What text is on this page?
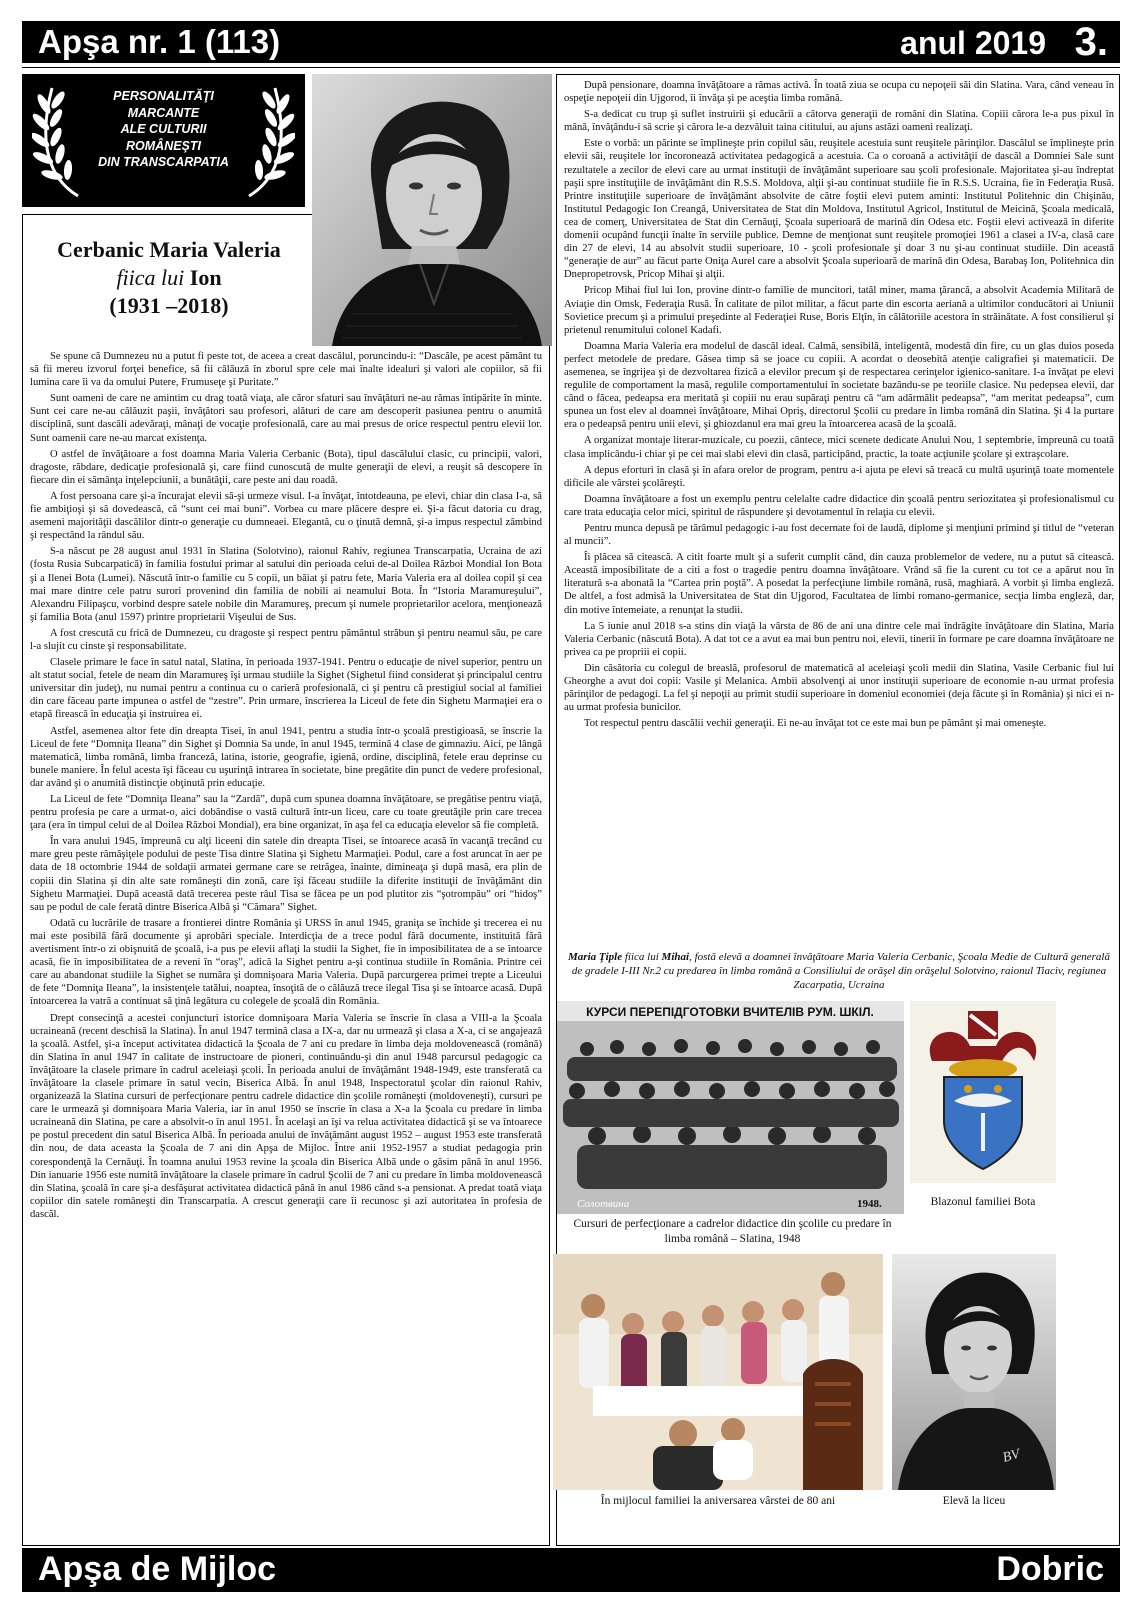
Apşa nr. 1 (113)	anul 2019 3.
PERSONALITĂŢI
MARCANTE
ALE CULTURII
ROMÂNEŞTI
DIN TRANSCARPATIA
Cerbanic Maria Valeria
fiica lui Ion
(1931 –2018)

Se spune că Dumnezeu nu a putut fi peste tot, de aceea a creat dascălul, poruncindu-i: “Dascăle, pe acest pământ tu să fii mereu izvorul forţei benefice, să fii călăuză în zborul spre cele mai înalte idealuri şi valori ale copiilor, să fii lumina care îi va da omului Putere, Frumuseţe şi Puritate.”

Sunt oameni de care ne amintim cu drag toată viaţa, ale căror sfaturi sau învăţături ne-au rămas întipărite în minte. Sunt cei care ne-au călăuzit paşii, învăţători sau profesori, alături de care am descoperit pasiunea pentru o anumită disciplină, sunt dascăli adevăraţi, mânaţi de vocaţie profesională, care au mai presus de orice respectul pentru elevii lor. Sunt oamenii care ne-au marcat existenţa.

O astfel de învăţătoare a fost doamna Maria Valeria Cerbanic (Bota), tipul dascălului clasic, cu principii, valori, dragoste, răbdare, dedicaţie profesională şi, care fiind cunoscută de multe generaţii de elevi, a reuşit să descopere în fiecare din ei sămânţa inţelepciunii, a bunătăţii, care peste ani dau roadă.

A fost persoana care şi-a încurajat elevii să-şi urmeze visul. I-a învăţat, întotdeauna, pe elevi, chiar din clasa I-a, să fie ambiţioşi şi să dovedească, că “sunt cei mai buni”. Vorbea cu mare plăcere despre ei. Şi-a făcut datoria cu drag, asemeni majorităţii dascălilor dintr-o generaţie cu dumneaei. Elegantă, cu o ţinută demnă, şi-a impus respectul zâmbind şi respectând la rândul său.

S-a născut pe 28 august anul 1931 în Slatina (Solotvino), raionul Rahiv, regiunea Transcarpatia, Ucraina de azi (fosta Rusia Subcarpatică) în familia fostului primar al satului din perioada celui de-al Doilea Război Mondial Ion Bota şi a Ilenei Bota (Lumei). Născută într-o familie cu 5 copii, un băiat şi patru fete, Maria Valeria era al doilea copil şi cea mai mare dintre cele patru surori provenind din familia de nobili ai neamului Bota. În “Istoria Maramureşului”, Alexandru Filipaşcu, vorbind despre satele nobile din Maramureş, precum şi numele proprietarilor acelora, menţionează şi familia Bota (anul 1597) printre proprietarii Vişeului de Sus.

A fost crescută cu frică de Dumnezeu, cu dragoste şi respect pentru pământul străbun şi pentru neamul său, pe care l-a slujit cu cinste şi responsabilitate.

Clasele primare le face în satul natal, Slatina, în perioada 1937-1941. Pentru o educaţie de nivel superior, pentru un alt statut social, fetele de neam din Maramureş îşi urmau studiile la Sighet (Sighetul fiind considerat şi principalul centru universitar din judeţ), nu numai pentru a continua cu o carieră profesională, ci şi pentru că prestigiul social al familiei din care făceau parte impunea o astfel de “zestre”. Prin urmare, înscrierea la Liceul de fete din Sighetu Marmaţiei era o etapă firească în educaţia şi instruirea ei.

Astfel, asemenea altor fete din dreapta Tisei, în anul 1941, pentru a studia într-o şcoală prestigioasă, se înscrie la Liceul de fete “Domniţa Ileana” din Sighet şi Domnia Sa unde, în anul 1945, termină 4 clase de gimnaziu. Aici, pe lângă matematică, limba română, limba franceză, latina, istorie, geografie, igienă, ordine, disciplină, fetele erau deprinse cu bunele maniere. În felul acesta îşi făceau cu uşurinţă intrarea în societate, bine pregătite din punct de vedere profesional, dar având şi o anumită distincţie obţinută prin educaţie.

La Liceul de fete “Domniţa Ileana” sau la “Zardă”, după cum spunea doamna învăţătoare, se pregătise pentru viaţă, pentru profesia pe care a urmat-o, aici dobândise o vastă cultură într-un liceu, care cu toate greutăţile prin care trecea ţara (era în timpul celui de al Doilea Război Mondial), era bine organizat, în aşa fel ca educaţia elevelor să fie completă.

În vara anului 1945, împreună cu alţi liceeni din satele din dreapta Tisei, se întoarece acasă în vacanţă trecând cu mare greu peste rămăşiţele podului de peste Tisa dintre Slatina şi Sighetu Marmaţiei. Podul, care a fost aruncat în aer pe data de 18 octombrie 1944 de soldaţii armatei germane care se retrăgea, înainte, dimineaţa şi după masă, era plin de copiii din Slatina şi din alte sate româneşti din zonă, care îşi făceau studiile la diferite instituţii de învăţământ din Sighetu Marmaţiei. După această dată trecerea peste râul Tisa se făcea pe un pod plutitor zis “şotrompău” ori “hidoş” sau pe podul de cale ferată dintre Biserica Albă şi “Cămara” Sighet.

Odată cu lucrările de trasare a frontierei dintre România şi URSS în anul 1945, graniţa se închide şi trecerea ei nu mai este posibilă fără documente şi aprobări speciale. Interdicţia de a trece podul fără documente, instituită fără avertisment într-o zi obişnuită de şcoală, i-a pus pe elevii aflaţi la studii la Sighet, fie în imposibilitatea de a se întoarce acasă, fie în imposibilitatea de a reveni în “oraş”, adică la Sighet pentru a-şi continua studiile în România. Printre cei care au abandonat studiile la Sighet se număra şi domnişoara Maria Valeria. După parcurgerea primei trepte a Liceului de fete “Domniţa Ileana”, la insistenţele tatălui, noaptea, însoţită de o călăuză trece ilegal Tisa şi se întoarce acasă. După întoarcerea la vatră a continuat să ţină legătura cu colegele de şcoală din România.

Drept consecinţă a acestei conjuncturi istorice domnişoara Maria Valeria se înscrie în clasa a VIII-a la Şcoala ucraineană (recent deschisă la Slatina). În anul 1947 termină clasa a IX-a, dar nu urmează şi clasa a X-a, ci se angajează la şcoală. Astfel, şi-a început activitatea didactică la Şcoala de 7 ani cu predare în limba deja moldovenească (română) din Slatina în anul 1947 în calitate de instructoare de pioneri, continuându-şi din anul 1948 parcursul pedagogic ca învăţătoare la clasele primare în cadrul aceleiaşi şcoli. În perioada anului de învăţământ 1948-1949, este transferată ca învăţătoare la clasele primare în satul vecin, Biserica Albă. În anul 1948, Inspectoratul şcolar din raionul Rahiv, organizează la Slatina cursuri de perfecţionare pentru cadrele didactice din şcolile româneşti (moldoveneşti), cursuri pe care le urmează şi domnişoara Maria Valeria, iar în anul 1950 se înscrie în clasa a X-a la Şcoala cu predare în limba ucraineană din Slatina, pe care a absolvit-o în anul 1951. În acelaşi an îşi va relua activitatea didactică şi se va întoarece pe postul precedent din satul Biserica Albă. În perioada anului de învăţământ august 1952 – august 1953 este transferată din nou, de data aceasta la Şcoala de 7 ani din Apşa de Mijloc. Între anii 1952-1957 a studiat pedagogia prin corespondenţă la Cernăuţi. În toamna anului 1953 revine la şcoala din Biserica Albă unde o găsim până în anul 1956. Din ianuarie 1956 este numită învăţătoare la clasele primare în cadrul Şcolii de 7 ani cu predare în limba moldovenească din Slatina, şcoală în care şi-a desfăşurat activitatea didactică până în anul 1986 când s-a pensionat. A predat toată viaţa copiilor din satele româneşti din Transcarpatia. A crescut generaţii care îi recunosc şi azi autoritatea în profesia de dascăl.

După pensionare, doamna învăţătoare a rămas activă. În toată ziua se ocupa cu nepoţeii săi din Slatina. Vara, când veneau în ospeţie nepoţeii din Ujgorod, îi învăţa şi pe aceştia limba română.

S-a dedicat cu trup şi suflet instruirii şi educării a câtorva generaţii de români din Slatina. Copiii cărora le-a pus pixul în mână, învăţându-i să scrie şi cărora le-a dezvăluit taina cititului, au ajuns astăzi oameni realizaţi.

Este o vorbă: un părinte se împlineşte prin copilul său, reuşitele acestuia sunt reuşitele părinţilor. Dascălul se împlineşte prin elevii săi, reuşitele lor încoronează activitatea pedagogică a acestuia. Ca o coroană a activităţii de dascăl a Domniei Sale sunt rezultatele a zecilor de elevi care au urmat instituţii de învăţământ superioare sau şcoli profesionale. Majoritatea şi-au îndreptat paşii spre instituţiile de învăţământ din R.S.S. Moldova, alţii şi-au continuat studiile fie în R.S.S. Ucraina, fie în Federaţia Rusă. Printre instituţiile superioare de învăţământ absolvite de către foştii elevi putem aminti: Institutul Politehnic din Chişinău, Institutul Pedagogic Ion Creangă, Universitatea de Stat din Moldova, Institutul Agricol, Institutul de Meicină, Şcoala medicală, cea de comerţ, Universitatea de Stat din Cernăuţi, Şcoala superioară de marină din Odesa etc. Foştii elevi activează în diferite domenii ocupând funcţii înalte în serviile publice. Demne de menţionat sunt reuşitele promoţiei 1961 a clasei a IV-a, clasă care din 27 de elevi, 14 au absolvit studii superioare, 10 - şcoli profesionale şi doar 3 nu şi-au continuat studiile. Din această “generaţie de aur” au făcut parte Oniţa Aurel care a absolvit Şcoala superioară de marină din Odesa, Barabaş Ion, Politehnica din Dnepropetrovsk, Pricop Mihai şi alţii.

Pricop Mihai fiul lui Ion, provine dintr-o familie de muncitori, tatăl miner, mama ţărancă, a absolvit Academia Militară de Aviaţie din Omsk, Federaţia Rusă. În calitate de pilot militar, a făcut parte din escorta aeriană a ultimilor conducători ai Uniunii Sovietice precum şi a primului preşedinte al Federaţiei Ruse, Boris Elţîn, în călătoriile acestora în străinătate. A fost consilierul şi prietenul renumitului colonel Kadafi.

Doamna Maria Valeria era modelul de dascăl ideal. Calmă, sensibilă, inteligentă, modestă din fire, cu un glas duios poseda perfect metodele de predare. Găsea timp să se joace cu copiii. A acordat o deosebită atenţie caligrafiei şi matematicii. De asemenea, se îngrijea şi de dezvoltarea fizică a elevilor precum şi de respectarea cerinţelor igienico-sanitare. I-a învăţat pe elevi regulile de comportament la masă, regulile comportamentului în societate bazându-se pe teoriile clasice. Nu pedepsea elevii, dar când o făcea, pedeapsa era meritată şi copiii nu erau supăraţi pentru că “am adărmălit pedeapsa”, “am meritat pedeapsa”, cum spunea un fost elev al doamnei învăţătoare, Mihai Opriş, directorul Şcolii cu predare în limba română din Slatina. Şi 4 la purtare era o pedeapsă pentru unii elevi, şi ghiozdanul era mai greu la întoarcerea acasă de la şcoală.

A organizat montaje literar-muzicale, cu poezii, cântece, mici scenete dedicate Anului Nou, 1 septembrie, împreună cu toată clasa implicându-i chiar şi pe cei mai slabi elevi din clasă, participând, practic, la toate acţiunile şcolare şi extraşcolare.

A depus eforturi în clasă şi în afara orelor de program, pentru a-i ajuta pe elevi să treacă cu multă uşurinţă toate momentele dificile ale vârstei şcolăreşti.

Doamna învăţătoare a fost un exemplu pentru celelalte cadre didactice din şcoală pentru seriozitatea şi profesionalismul cu care trata educaţia celor mici, spiritul de răspundere şi devotamentul în relaţia cu elevii.

Pentru munca depusă pe tărâmul pedagogic i-au fost decernate foi de laudă, diplome şi menţiuni primind şi titlul de “veteran al muncii”.

Îi plăcea să citească. A citit foarte mult şi a suferit cumplit când, din cauza problemelor de vedere, nu a putut să citească. Această imposibilitate de a citi a fost o tragedie pentru doamna învăţătoare. Vrând să fie la curent cu tot ce a apărut nou în literatură s-a abonată la “Cartea prin poştă”. A posedat la perfecţiune limbile română, rusă, maghiară. A vorbit şi limba engleză. De altfel, a fost admisă la Universitatea de Stat din Ujgorod, Facultatea de limbi romano-germanice, secţia limba engleză, dar, din motive întemeiate, a renunţat la studii.

La 5 iunie anul 2018 s-a stins din viaţă la vârsta de 86 de ani una dintre cele mai îndrăgite învăţătoare din Slatina, Maria Valeria Cerbanic (născută Bota). A dat tot ce a avut ea mai bun pentru noi, elevii, tinerii în formare pe care doamna învăţătoare ne privea ca pe propriii ei copii.

Din căsătoria cu colegul de breaslă, profesorul de matematică al aceleiaşi şcoli medii din Slatina, Vasile Cerbanic fiul lui Gheorghe a avut doi copii: Vasile şi Melanica. Ambii absolvenţi ai unor instituţii superioare de economie n-au urmat profesia părinţilor de pedagogi. La fel şi nepoţii au primit studii superioare în domeniul economiei (deja făcute şi în România) şi nici ei n-au urmat profesia bunicilor.

Tot respectul pentru dascălii vechii generaţii. Ei ne-au învăţat tot ce este mai bun pe pământ şi mai omeneşte.

Maria Ţiple fiica lui Mihai, fostă elevă a doamnei învăţătoare Maria Valeria Cerbanic, Şcoala Medie de Cultură generală de gradele I-III Nr.2 cu predarea în limba română a Consiliului de orăşel din orăşelul Solotvino, raionul Tiaciv, regiunea Zacarpatia, Ucraina
КУРСИ ПЕРЕПІДГОТОВКИ ВЧИТЕЛІВ РУМ. ШКІЛ.
Солотвина	1948.
Cursuri de perfecţionare a cadrelor didactice din şcolile cu predare în limba română – Slatina, 1948
Blazonul familiei Bota
În mijlocul familiei la aniversarea vârstei de 80 ani
BV
Elevă la liceu
Apşa de Mijloc	Dobric
